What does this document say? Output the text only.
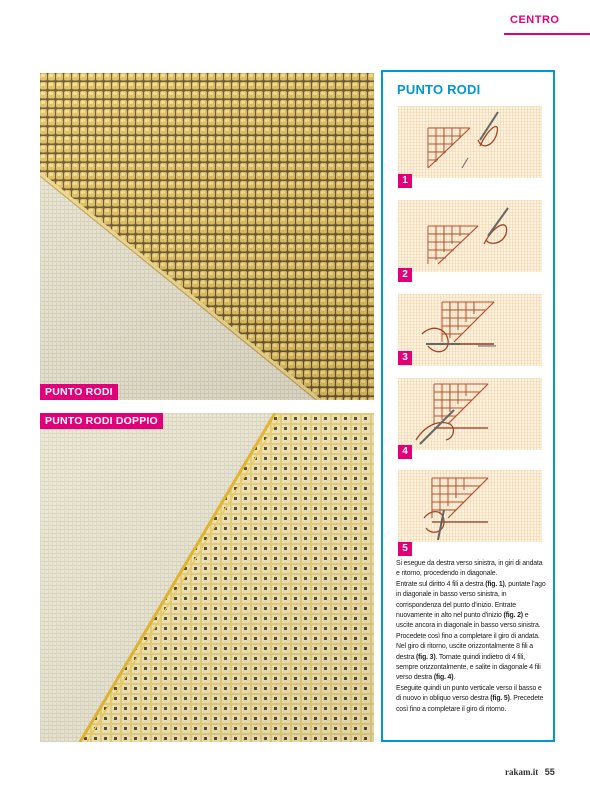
CENTRO
PUNTO RODI
PUNTO RODI DOPPIO
PUNTO RODI
1
2
3
4
5

Si esegue da destra verso sinistra, in giri di andata e ritorno, procedendo in diagonale.

Entrate sul diritto 4 fili a destra (fig. 1), puntate l'ago in diagonale in basso verso sinistra, in corrispondenza del punto d'inizio. Entrate nuovamente in alto nel punto d'inizio (fig. 2) e uscite ancora in diagonale in basso verso sinistra. Procedete così fino a completare il giro di andata.

Nel giro di ritorno, uscite orizzontalmente 8 fili a destra (fig. 3). Tornate quindi indietro di 4 fili, sempre orizzontalmente, e salite in diagonale 4 fili verso destra (fig. 4).

Eseguite quindi un punto verticale verso il basso e di nuovo in obliquo verso destra (fig. 5). Precedete così fino a completare il giro di ritorno.

rakam.it 55
